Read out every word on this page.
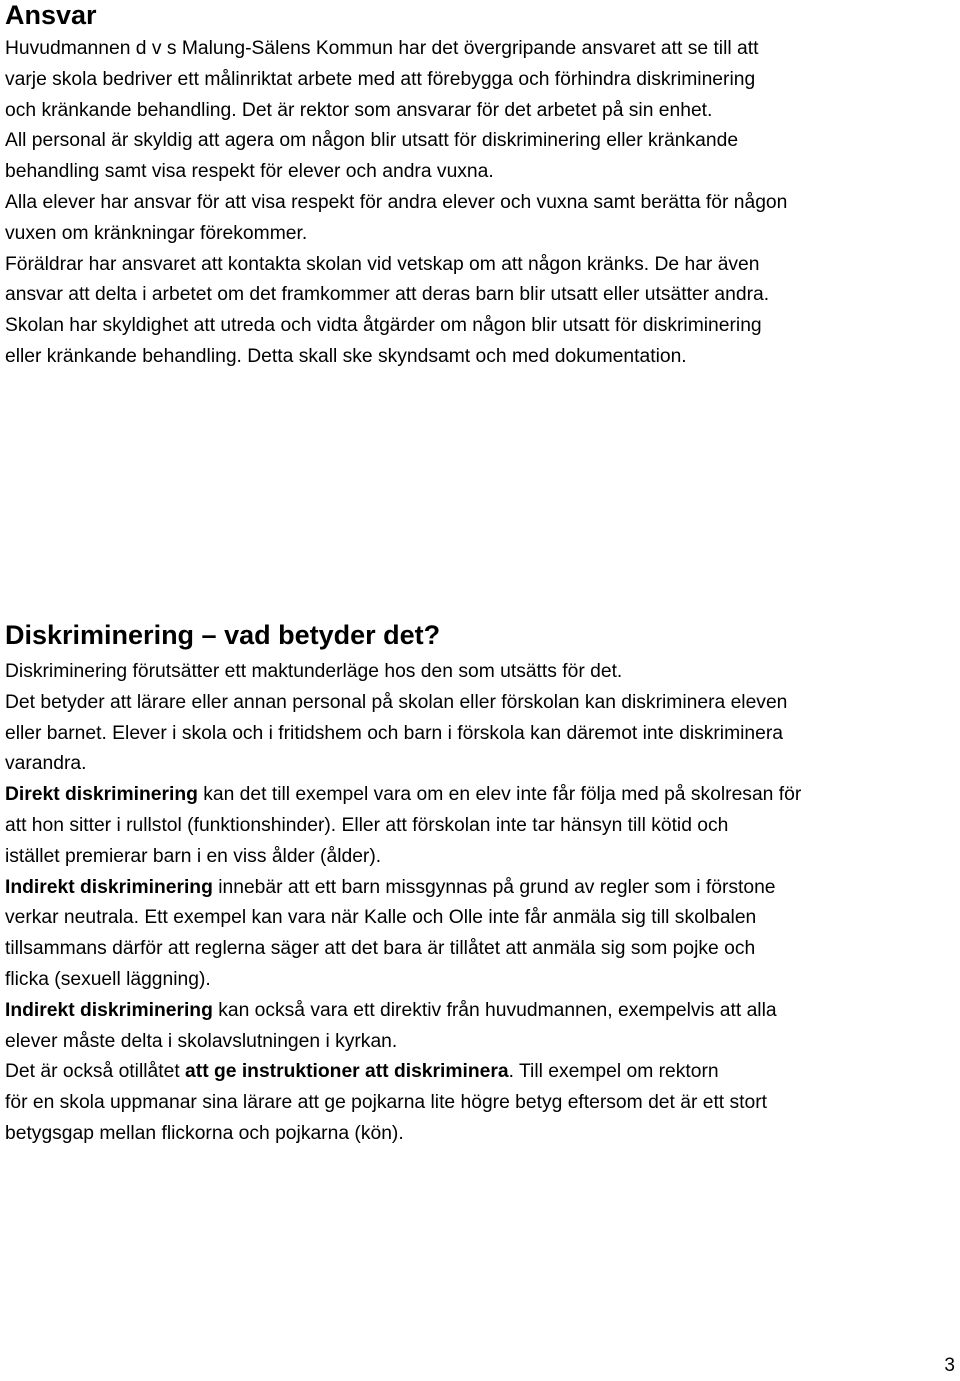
Ansvar
Huvudmannen d v s Malung-Sälens Kommun har det övergripande ansvaret att se till att
varje skola bedriver ett målinriktat arbete med att förebygga och förhindra diskriminering
och kränkande behandling. Det är rektor som ansvarar för det arbetet på sin enhet.
All personal är skyldig att agera om någon blir utsatt för diskriminering eller kränkande
behandling samt visa respekt för elever och andra vuxna.
Alla elever har ansvar för att visa respekt för andra elever och vuxna samt berätta för någon
vuxen om kränkningar förekommer.
Föräldrar har ansvaret att kontakta skolan vid vetskap om att någon kränks. De har även
ansvar att delta i arbetet om det framkommer att deras barn blir utsatt eller utsätter andra.
Skolan har skyldighet att utreda och vidta åtgärder om någon blir utsatt för diskriminering
eller kränkande behandling. Detta skall ske skyndsamt och med dokumentation.
Diskriminering – vad betyder det?
Diskriminering förutsätter ett maktunderläge hos den som utsätts för det.
Det betyder att lärare eller annan personal på skolan eller förskolan kan diskriminera eleven
eller barnet. Elever i skola och i fritidshem och barn i förskola kan däremot inte diskriminera
varandra.
Direkt diskriminering kan det till exempel vara om en elev inte får följa med på skolresan för
att hon sitter i rullstol (funktionshinder). Eller att förskolan inte tar hänsyn till kötid och
istället premierar barn i en viss ålder (ålder).
Indirekt diskriminering innebär att ett barn missgynnas på grund av regler som i förstone
verkar neutrala. Ett exempel kan vara när Kalle och Olle inte får anmäla sig till skolbalen
tillsammans därför att reglerna säger att det bara är tillåtet att anmäla sig som pojke och
flicka (sexuell läggning).
Indirekt diskriminering kan också vara ett direktiv från huvudmannen, exempelvis att alla
elever måste delta i skolavslutningen i kyrkan.
Det är också otillåtet att ge instruktioner att diskriminera. Till exempel om rektorn
för en skola uppmanar sina lärare att ge pojkarna lite högre betyg eftersom det är ett stort
betygsgap mellan flickorna och pojkarna (kön).
3
